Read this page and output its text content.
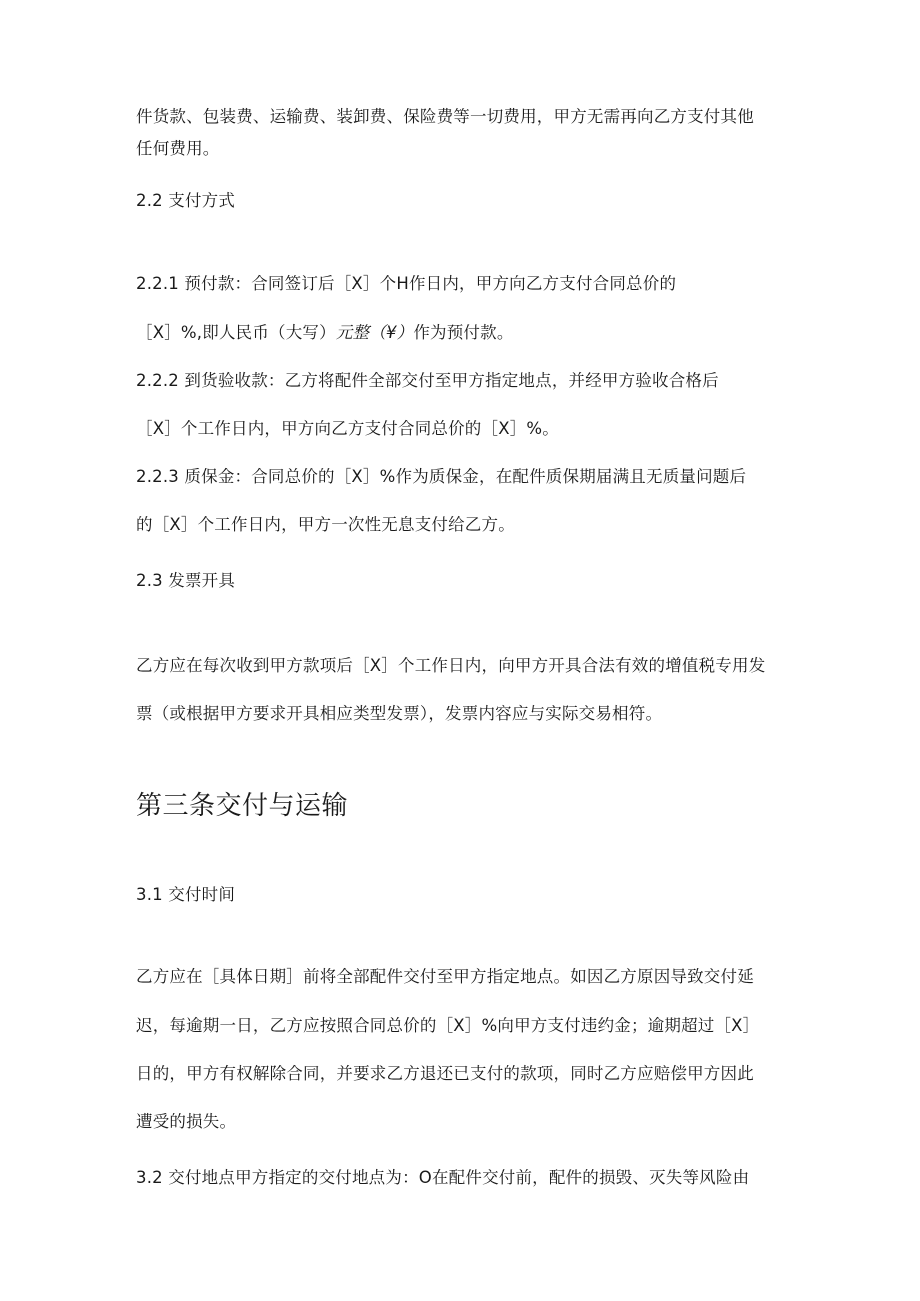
件货款、包装费、运输费、装卸费、保险费等一切费用，甲方无需再向乙方支付其他
任何费用。
2.2 支付方式
2.2.1 预付款：合同签订后［X］个H作日内，甲方向乙方支付合同总价的
［X］%,即人民币（大写）元整（¥）作为预付款。
2.2.2 到货验收款：乙方将配件全部交付至甲方指定地点，并经甲方验收合格后
［X］个工作日内，甲方向乙方支付合同总价的［X］%。
2.2.3 质保金：合同总价的［X］%作为质保金，在配件质保期届满且无质量问题后
的［X］个工作日内，甲方一次性无息支付给乙方。
2.3 发票开具
乙方应在每次收到甲方款项后［X］个工作日内，向甲方开具合法有效的增值税专用发
票（或根据甲方要求开具相应类型发票），发票内容应与实际交易相符。
第三条交付与运输
3.1 交付时间
乙方应在［具体日期］前将全部配件交付至甲方指定地点。如因乙方原因导致交付延
迟，每逾期一日，乙方应按照合同总价的［X］%向甲方支付违约金；逾期超过［X］
日的，甲方有权解除合同，并要求乙方退还已支付的款项，同时乙方应赔偿甲方因此
遭受的损失。
3.2 交付地点甲方指定的交付地点为：O在配件交付前，配件的损毁、灭失等风险由
